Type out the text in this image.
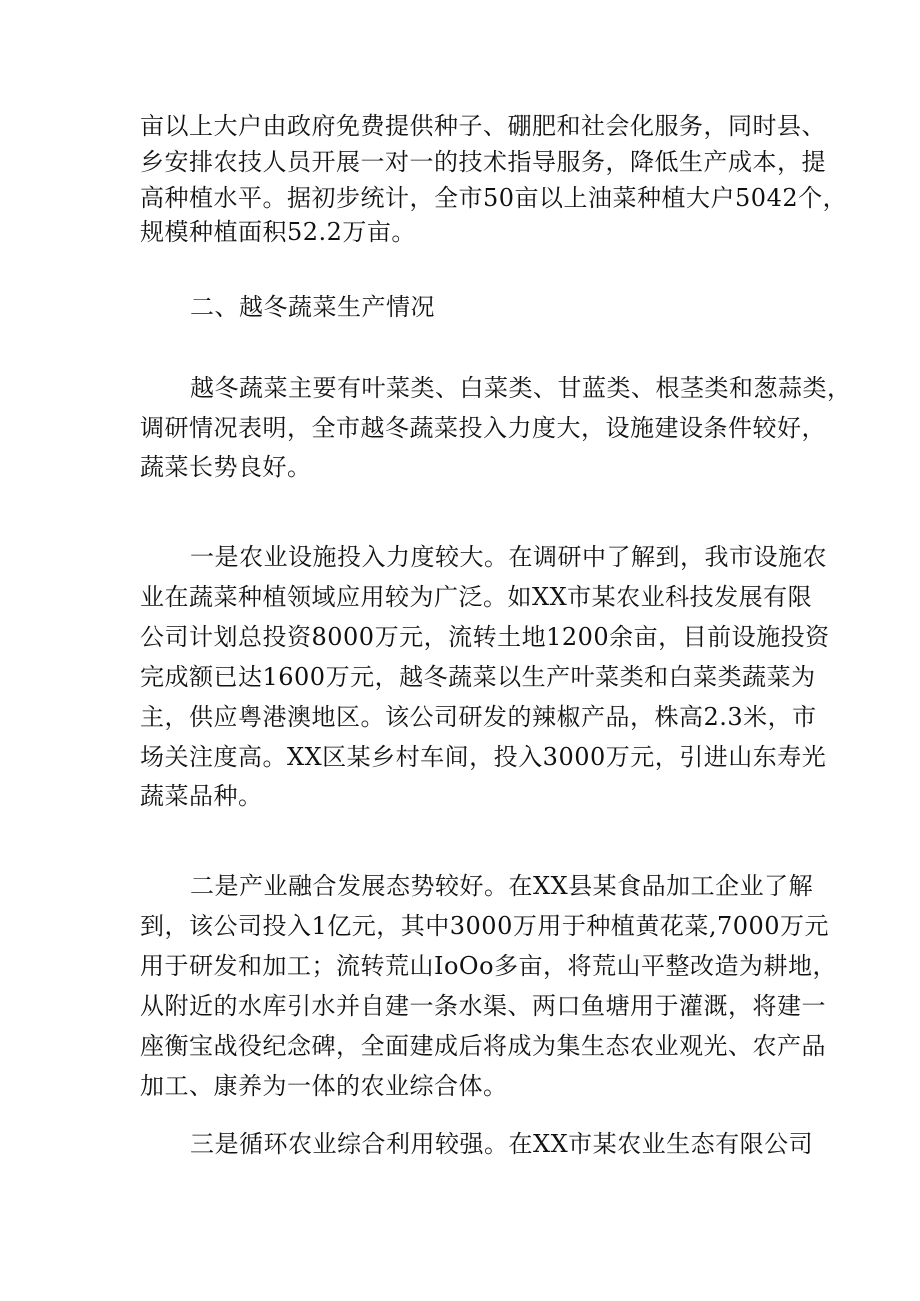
亩以上大户由政府免费提供种子、硼肥和社会化服务，同时县、
乡安排农技人员开展一对一的技术指导服务，降低生产成本，提
高种植水平。据初步统计，全市50亩以上油菜种植大户5042个，
规模种植面积52.2万亩。
二、越冬蔬菜生产情况
越冬蔬菜主要有叶菜类、白菜类、甘蓝类、根茎类和葱蒜类，
调研情况表明，全市越冬蔬菜投入力度大，设施建设条件较好，
蔬菜长势良好。
一是农业设施投入力度较大。在调研中了解到，我市设施农
业在蔬菜种植领域应用较为广泛。如XX市某农业科技发展有限
公司计划总投资8000万元，流转土地1200余亩，目前设施投资
完成额已达1600万元，越冬蔬菜以生产叶菜类和白菜类蔬菜为
主，供应粤港澳地区。该公司研发的辣椒产品，株高2.3米，市
场关注度高。XX区某乡村车间，投入3000万元，引进山东寿光
蔬菜品种。
二是产业融合发展态势较好。在XX县某食品加工企业了解
到，该公司投入1亿元，其中3000万用于种植黄花菜,7000万元
用于研发和加工；流转荒山IoOo多亩，将荒山平整改造为耕地，
从附近的水库引水并自建一条水渠、两口鱼塘用于灌溉，将建一
座衡宝战役纪念碑，全面建成后将成为集生态农业观光、农产品
加工、康养为一体的农业综合体。
三是循环农业综合利用较强。在XX市某农业生态有限公司
